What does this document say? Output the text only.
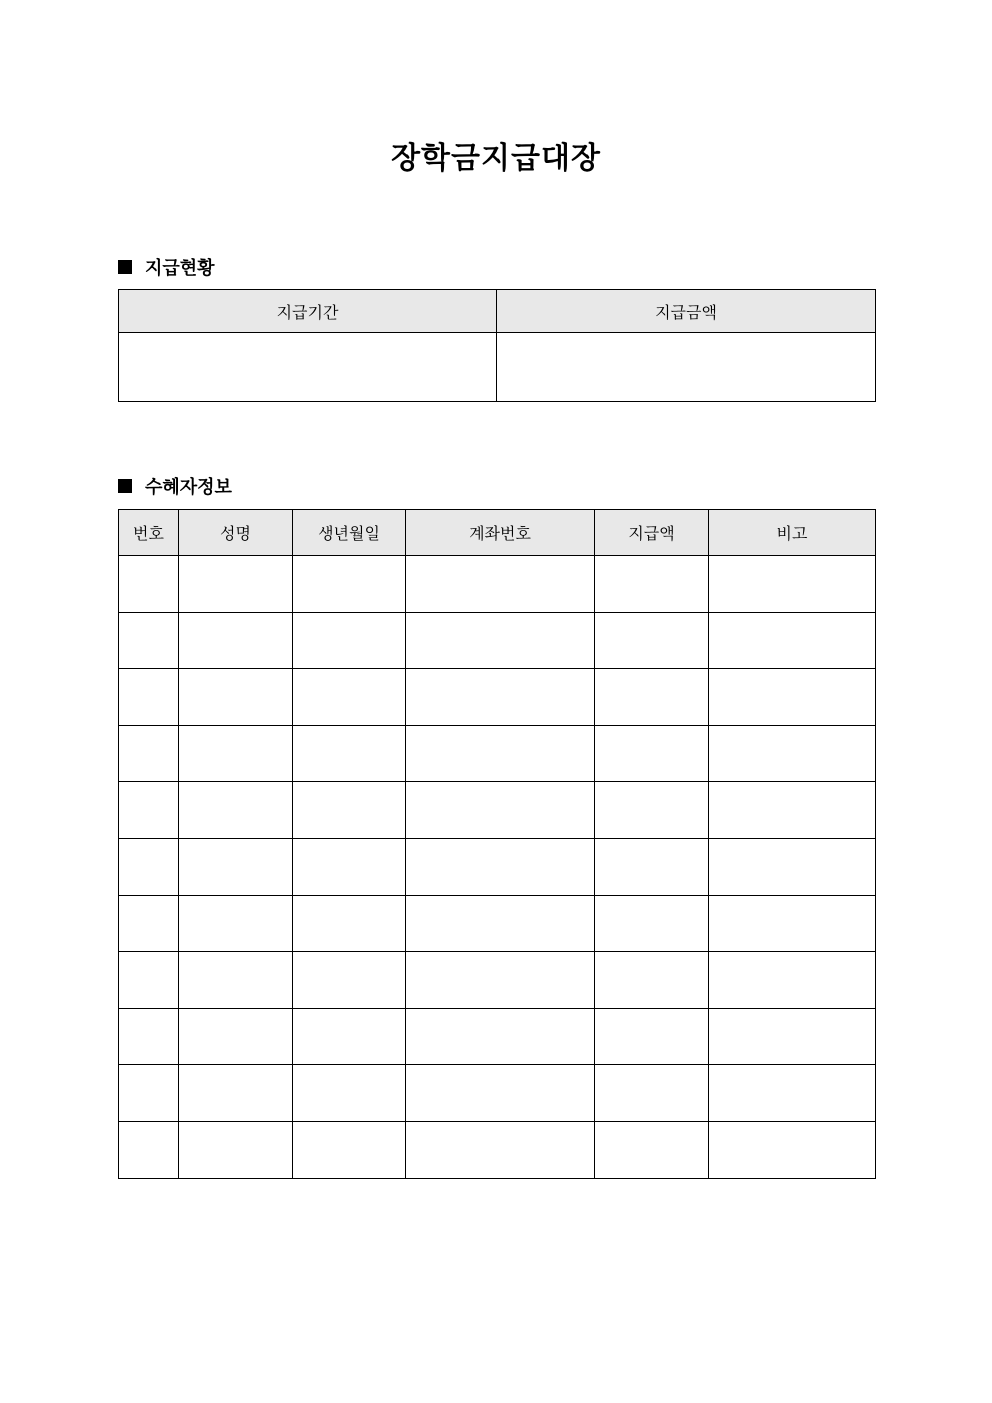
장학금지급대장
지급현황
지급기간	지급금액

수혜자정보
번호	성명	생년월일	계좌번호	지급액	비고
